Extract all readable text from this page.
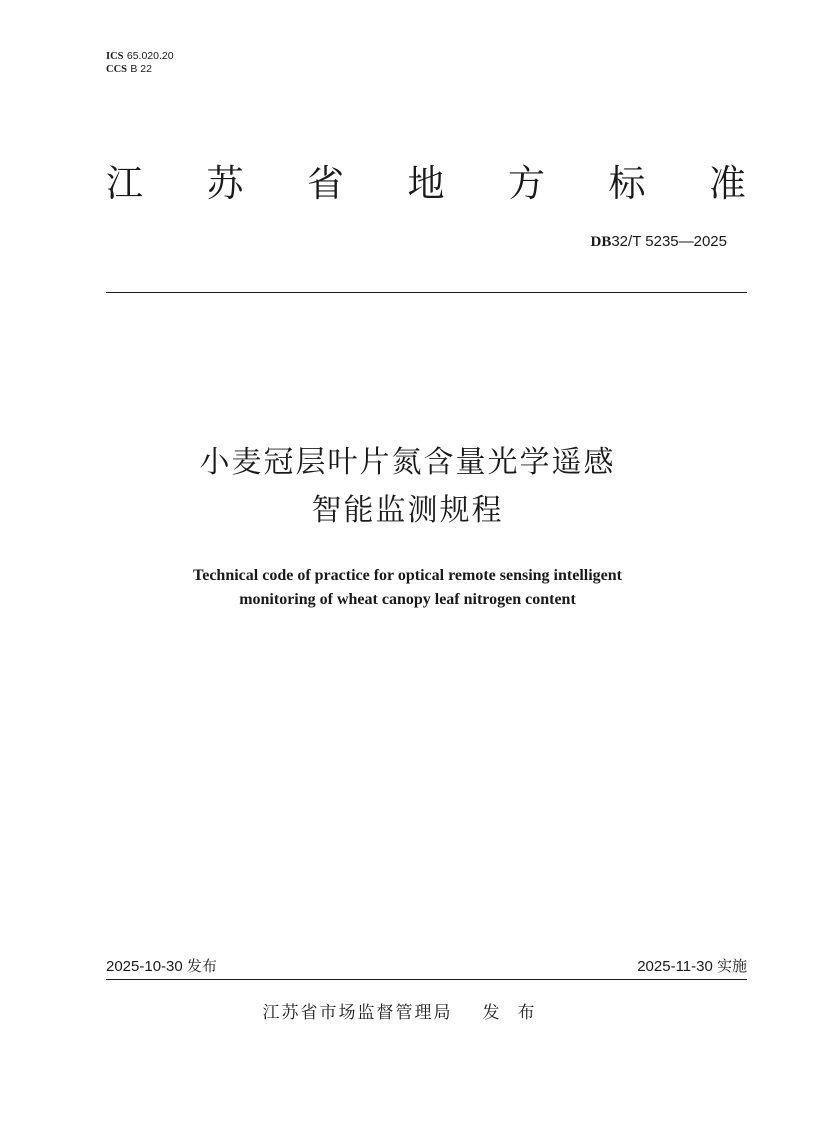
ICS 65.020.20
CCS B 22
江 苏 省 地 方 标 准
DB32/T 5235—2025
小麦冠层叶片氮含量光学遥感
智能监测规程
Technical code of practice for optical remote sensing intelligent
monitoring of wheat canopy leaf nitrogen content
2025-10-30 发布	2025-11-30 实施
江苏省市场监督管理局 发布
